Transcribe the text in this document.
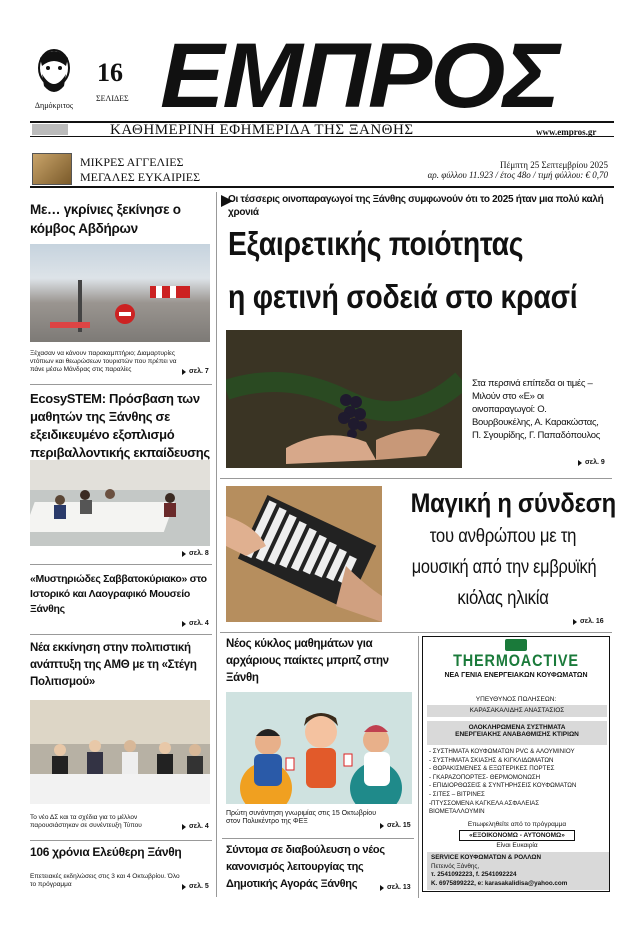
Δημόκριτος
16
ΣΕΛΙΔΕΣ ΕΜΠΡΟΣ
ΚΑΘΗΜΕΡΙΝΗ ΕΦΗΜΕΡΙΔΑ ΤΗΣ ΞΑΝΘΗΣ	www.empros.gr
ΜΙΚΡΕΣ ΑΓΓΕΛΙΕΣ
ΜΕΓΑΛΕΣ ΕΥΚΑΙΡΙΕΣ
Πέμπτη 25 Σεπτεμβρίου 2025
αρ. φύλλου 11.923 / έτος 48ο / τιμή φύλλου: € 0,70
Με… γκρίνιες ξεκίνησε ο κόμβος Αβδήρων
Ξέχασαν να κάνουν παρακαμπτήριο; Διαμαρτυρίες ντόπιων και θεωρώσεων τουριστών που πρέπει να πάνε μέσω Μάνδρας στις παραλίες	σελ. 7
EcosySTEM: Πρόσβαση των μαθητών της Ξάνθης σε εξειδικευμένο εξοπλισμό περιβαλλοντικής εκπαίδευσης
σελ. 8
«Μυστηριώδες Σαββατοκύριακο» στο Ιστορικό και Λαογραφικό Μουσείο Ξάνθης
σελ. 4
Νέα εκκίνηση στην πολιτιστική ανάπτυξη της ΑΜΘ με τη «Στέγη Πολιτισμού»
Το νέο ΔΣ και τα σχέδια για το μέλλον παρουσιάστηκαν σε συνέντευξη Τύπου	σελ. 4
106 χρόνια Ελεύθερη Ξάνθη
Επετειακές εκδηλώσεις στις 3 και 4 Οκτωβρίου. Όλο το πρόγραμμα	σελ. 5
Οι τέσσερις οινοπαραγωγοί της Ξάνθης συμφωνούν ότι το 2025 ήταν μια πολύ καλή χρονιά
Εξαιρετικής ποιότητας
η φετινή σοδειά στο κρασί
Στα περσινά επίπεδα οι τιμές – Μιλούν στο «Ε» οι οινοπαραγωγοί: Ο. Βουρβουκέλης, Α. Καρακώστας, Π. Σγουρίδης, Γ. Παπαδόπουλος
σελ. 9
Μαγική η σύνδεση
του ανθρώπου με τη
μουσική από την εμβρυϊκή
κιόλας ηλικία
σελ. 16
Νέος κύκλος μαθημάτων για αρχάριους παίκτες μπριτζ στην Ξάνθη
Πρώτη συνάντηση γνωριμίας στις 15 Οκτωβρίου στον Πολυκέντρο της ΦΕΞ
σελ. 15
Σύντομα σε διαβούλευση ο νέος κανονισμός λειτουργίας της Δημοτικής Αγοράς Ξάνθης	σελ. 13
THERMOACTIVE
ΝΕΑ ΓΕΝΙΑ ΕΝΕΡΓΕΙΑΚΩΝ ΚΟΥΦΩΜΑΤΩΝ
ΥΠΕΥΘΥΝΟΣ ΠΩΛΗΣΕΩΝ:
ΚΑΡΑΣΑΚΑΛΙΔΗΣ ΑΝΑΣΤΑΣΙΟΣ
ΟΛΟΚΛΗΡΩΜΕΝΑ ΣΥΣΤΗΜΑΤΑ
ΕΝΕΡΓΕΙΑΚΗΣ ΑΝΑΒΑΘΜΙΣΗΣ ΚΤΙΡΙΩΝ
- ΣΥΣΤΗΜΑΤΑ ΚΟΥΦΩΜΑΤΩΝ PVC & ΑΛΟΥΜΙΝΙΟΥ
- ΣΥΣΤΗΜΑΤΑ ΣΚΙΑΣΗΣ & ΚΙΓΚΛΙΔΩΜΑΤΩΝ
- ΘΩΡΑΚΙΣΜΕΝΕΣ & ΕΞΩΤΕΡΙΚΕΣ ΠΟΡΤΕΣ
- ΓΚΑΡΑΖΟΠΟΡΤΕΣ- ΘΕΡΜΟΜΟΝΩΣΗ
- ΕΠΙΔΙΟΡΘΩΣΕΙΣ & ΣΥΝΤΗΡΗΣΕΙΣ ΚΟΥΦΩΜΑΤΩΝ
- ΣΙΤΕΣ – ΒΙΤΡΙΝΕΣ
-ΠΤΥΣΣΟΜΕΝΑ ΚΑΓΚΕΛΑ ΑΣΦΑΛΕΙΑΣ
ΒΙΟΜΕΤΑΛΛΟΥΜΙΝ
Επωφεληθείτε από το πρόγραμμα
«ΕΞΟΙΚΟΝΟΜΩ - ΑΥΤΟΝΟΜΩ»
Είναι Ευκαιρία
SERVICE ΚΟΥΦΩΜΑΤΩΝ & ΡΟΛΛΩΝ
Πετεινός Ξάνθης,
τ. 2541092223, f. 2541092224
Κ. 6975899222, e: karasakalidisa@yahoo.com
